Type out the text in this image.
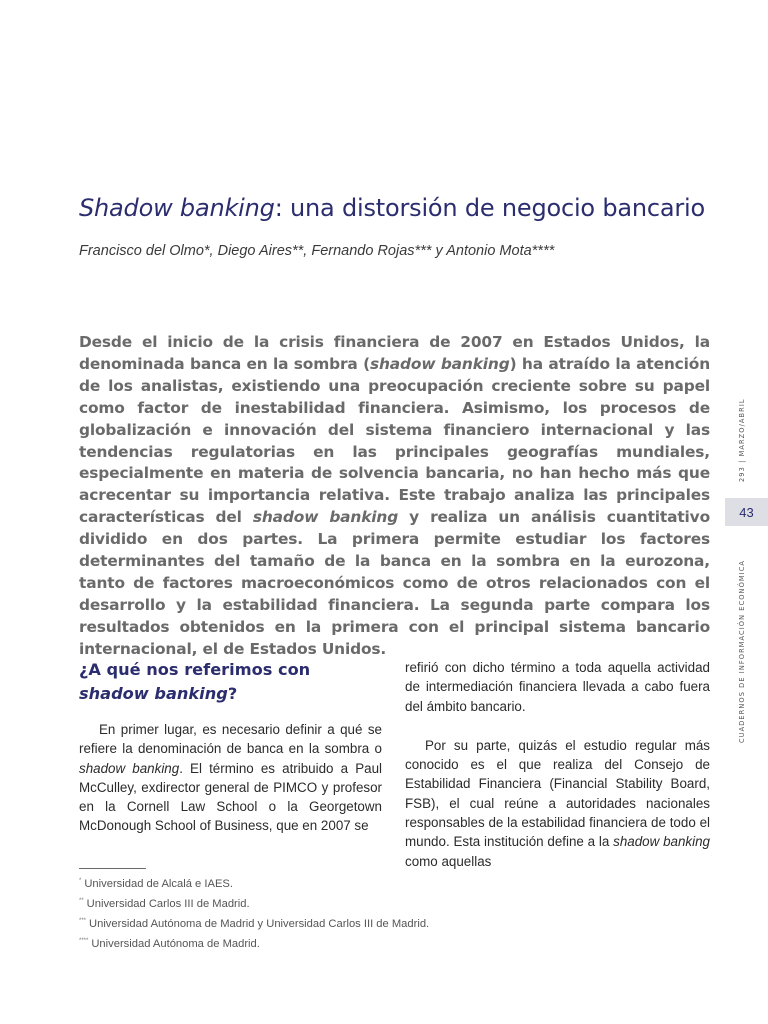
Shadow banking: una distorsión de negocio bancario
Francisco del Olmo*, Diego Aires**, Fernando Rojas*** y Antonio Mota****

Desde el inicio de la crisis financiera de 2007 en Estados Unidos, la denominada banca en la sombra (shadow banking) ha atraído la atención de los analistas, existiendo una preocupación creciente sobre su papel como factor de inestabilidad financiera. Asimismo, los procesos de globalización e innovación del sistema financiero internacional y las tendencias regulatorias en las principales geografías mundiales, especialmente en materia de solvencia bancaria, no han hecho más que acrecentar su importancia relativa. Este trabajo analiza las principales características del shadow banking y realiza un análisis cuantitativo dividido en dos partes. La primera permite estudiar los factores determinantes del tamaño de la banca en la sombra en la eurozona, tanto de factores macroeconómicos como de otros relacionados con el desarrollo y la estabilidad financiera. La segunda parte compara los resultados obtenidos en la primera con el principal sistema bancario internacional, el de Estados Unidos.

¿A qué nos referimos con shadow banking?

En primer lugar, es necesario definir a qué se refiere la denominación de banca en la sombra o shadow banking. El término es atribuido a Paul McCulley, exdirector general de PIMCO y profesor en la Cornell Law School o la Georgetown McDonough School of Business, que en 2007 se

refirió con dicho término a toda aquella actividad de intermediación financiera llevada a cabo fuera del ámbito bancario.

Por su parte, quizás el estudio regular más conocido es el que realiza del Consejo de Estabilidad Financiera (Financial Stability Board, FSB), el cual reúne a autoridades nacionales responsables de la estabilidad financiera de todo el mundo. Esta institución define a la shadow banking como aquellas

* Universidad de Alcalá e IAES.
** Universidad Carlos III de Madrid.
*** Universidad Autónoma de Madrid y Universidad Carlos III de Madrid.
**** Universidad Autónoma de Madrid.
293 | MARZO/ABRIL
CUADERNOS DE INFORMACIÓN ECONÓMICA
43
